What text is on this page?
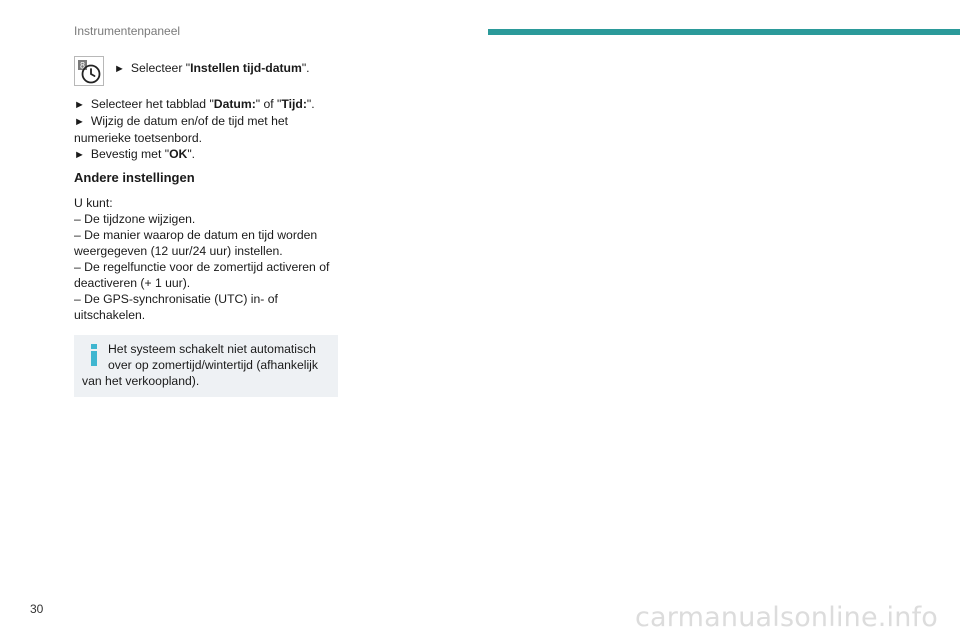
Instrumentenpaneel
8	► Selecteer "Instellen tijd-datum".

► Selecteer het tabblad "Datum:" of "Tijd:".

► Wijzig de datum en/of de tijd met het numerieke toetsenbord.

► Bevestig met "OK".

Andere instellingen

U kunt:

– De tijdzone wijzigen.

– De manier waarop de datum en tijd worden weergegeven (12 uur/24 uur) instellen.

– De regelfunctie voor de zomertijd activeren of deactiveren (+ 1 uur).

– De GPS-synchronisatie (UTC) in- of uitschakelen.

Het systeem schakelt niet automatisch over op zomertijd/wintertijd (afhankelijk van het verkoopland).
30	carmanualsonline.info
